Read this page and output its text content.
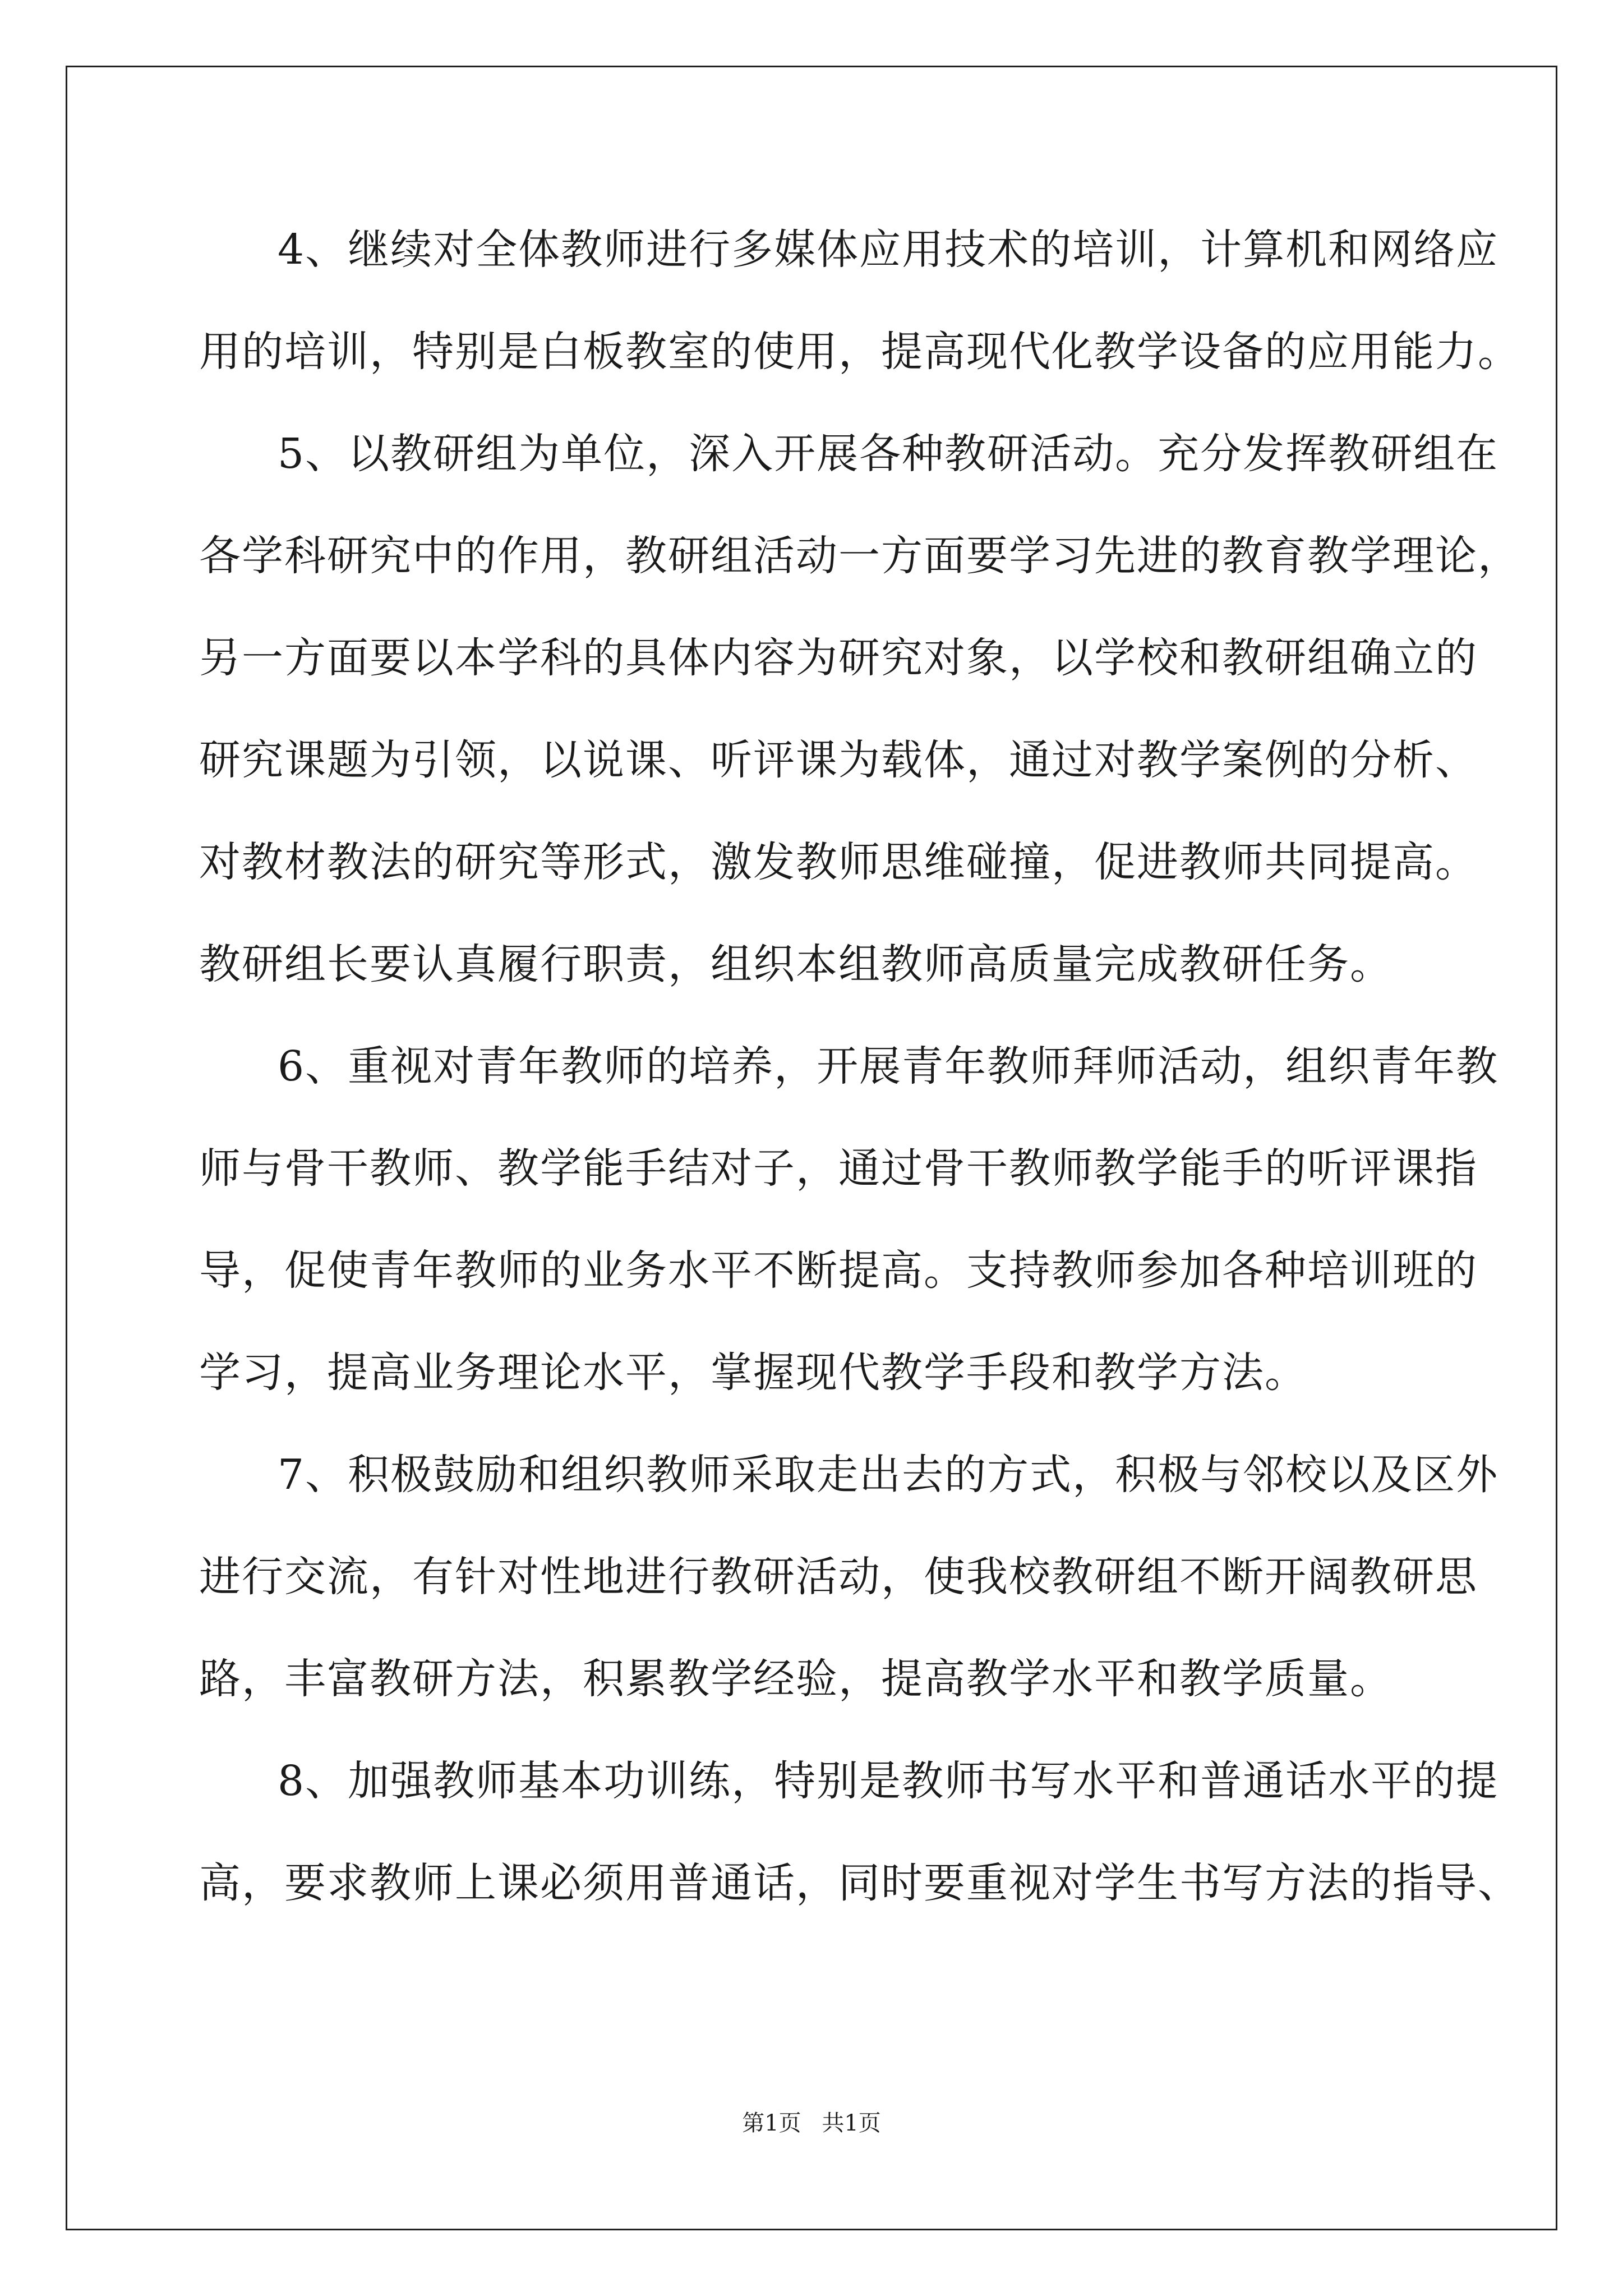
4、继续对全体教师进行多媒体应用技术的培训，计算机和网络应
用的培训，特别是白板教室的使用，提高现代化教学设备的应用能力。
5、以教研组为单位，深入开展各种教研活动。充分发挥教研组在
各学科研究中的作用，教研组活动一方面要学习先进的教育教学理论，
另一方面要以本学科的具体内容为研究对象，以学校和教研组确立的
研究课题为引领，以说课、听评课为载体，通过对教学案例的分析、
对教材教法的研究等形式，激发教师思维碰撞，促进教师共同提高。
教研组长要认真履行职责，组织本组教师高质量完成教研任务。
6、重视对青年教师的培养，开展青年教师拜师活动，组织青年教
师与骨干教师、教学能手结对子，通过骨干教师教学能手的听评课指
导，促使青年教师的业务水平不断提高。支持教师参加各种培训班的
学习，提高业务理论水平，掌握现代教学手段和教学方法。
7、积极鼓励和组织教师采取走出去的方式，积极与邻校以及区外
进行交流，有针对性地进行教研活动，使我校教研组不断开阔教研思
路，丰富教研方法，积累教学经验，提高教学水平和教学质量。
8、加强教师基本功训练，特别是教师书写水平和普通话水平的提
高，要求教师上课必须用普通话，同时要重视对学生书写方法的指导、
第1页 共1页
